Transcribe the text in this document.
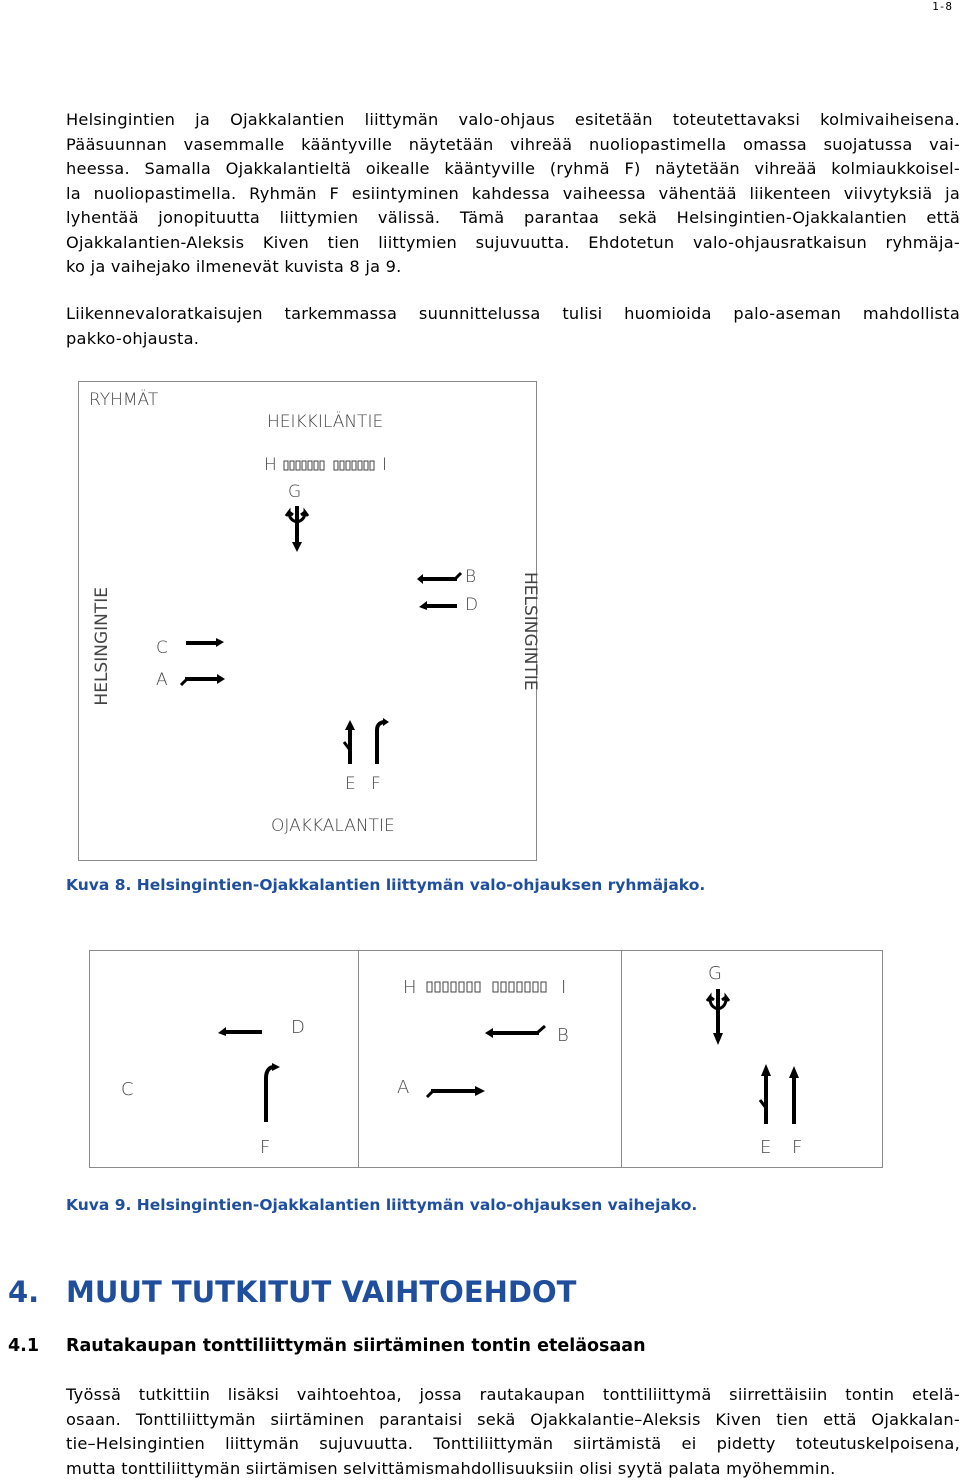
1-8
Helsingintien ja Ojakkalantien liittymän valo-ohjaus esitetään toteutettavaksi kolmivaiheisena.
Pääsuunnan vasemmalle kääntyville näytetään vihreää nuoliopastimella omassa suojatussa vai-
heessa. Samalla Ojakkalantieltä oikealle kääntyville (ryhmä F) näytetään vihreää kolmiaukkoisel-
la nuoliopastimella. Ryhmän F esiintyminen kahdessa vaiheessa vähentää liikenteen viivytyksiä ja
lyhentää jonopituutta liittymien välissä. Tämä parantaa sekä Helsingintien-Ojakkalantien että
Ojakkalantien-Aleksis Kiven tien liittymien sujuvuutta. Ehdotetun valo-ohjausratkaisun ryhmäja-
ko ja vaihejako ilmenevät kuvista 8 ja 9.
Liikennevaloratkaisujen tarkemmassa suunnittelussa tulisi huomioida palo-aseman mahdollista
pakko-ohjausta.
RYHMÄT
HEIKKILÄNTIE
H	I
G
B
D
HELSINGINTIE	HELSINGINTIE
C
A
E F
OJAKKALANTIE

Kuva 8. Helsingintien-Ojakkalantien liittymän valo-ohjauksen ryhmäjako.

D
C
F
H	I
B
A
G
E F

Kuva 9. Helsingintien-Ojakkalantien liittymän valo-ohjauksen vaihejako.

4. MUUT TUTKITUT VAIHTOEHDOT
4.1 Rautakaupan tonttiliittymän siirtäminen tontin eteläosaan
Työssä tutkittiin lisäksi vaihtoehtoa, jossa rautakaupan tonttiliittymä siirrettäisiin tontin etelä-
osaan. Tonttiliittymän siirtäminen parantaisi sekä Ojakkalantie–Aleksis Kiven tien että Ojakkalan-
tie–Helsingintien liittymän sujuvuutta. Tonttiliittymän siirtämistä ei pidetty toteutuskelpoisena,
mutta tonttiliittymän siirtämisen selvittämismahdollisuuksiin olisi syytä palata myöhemmin.
